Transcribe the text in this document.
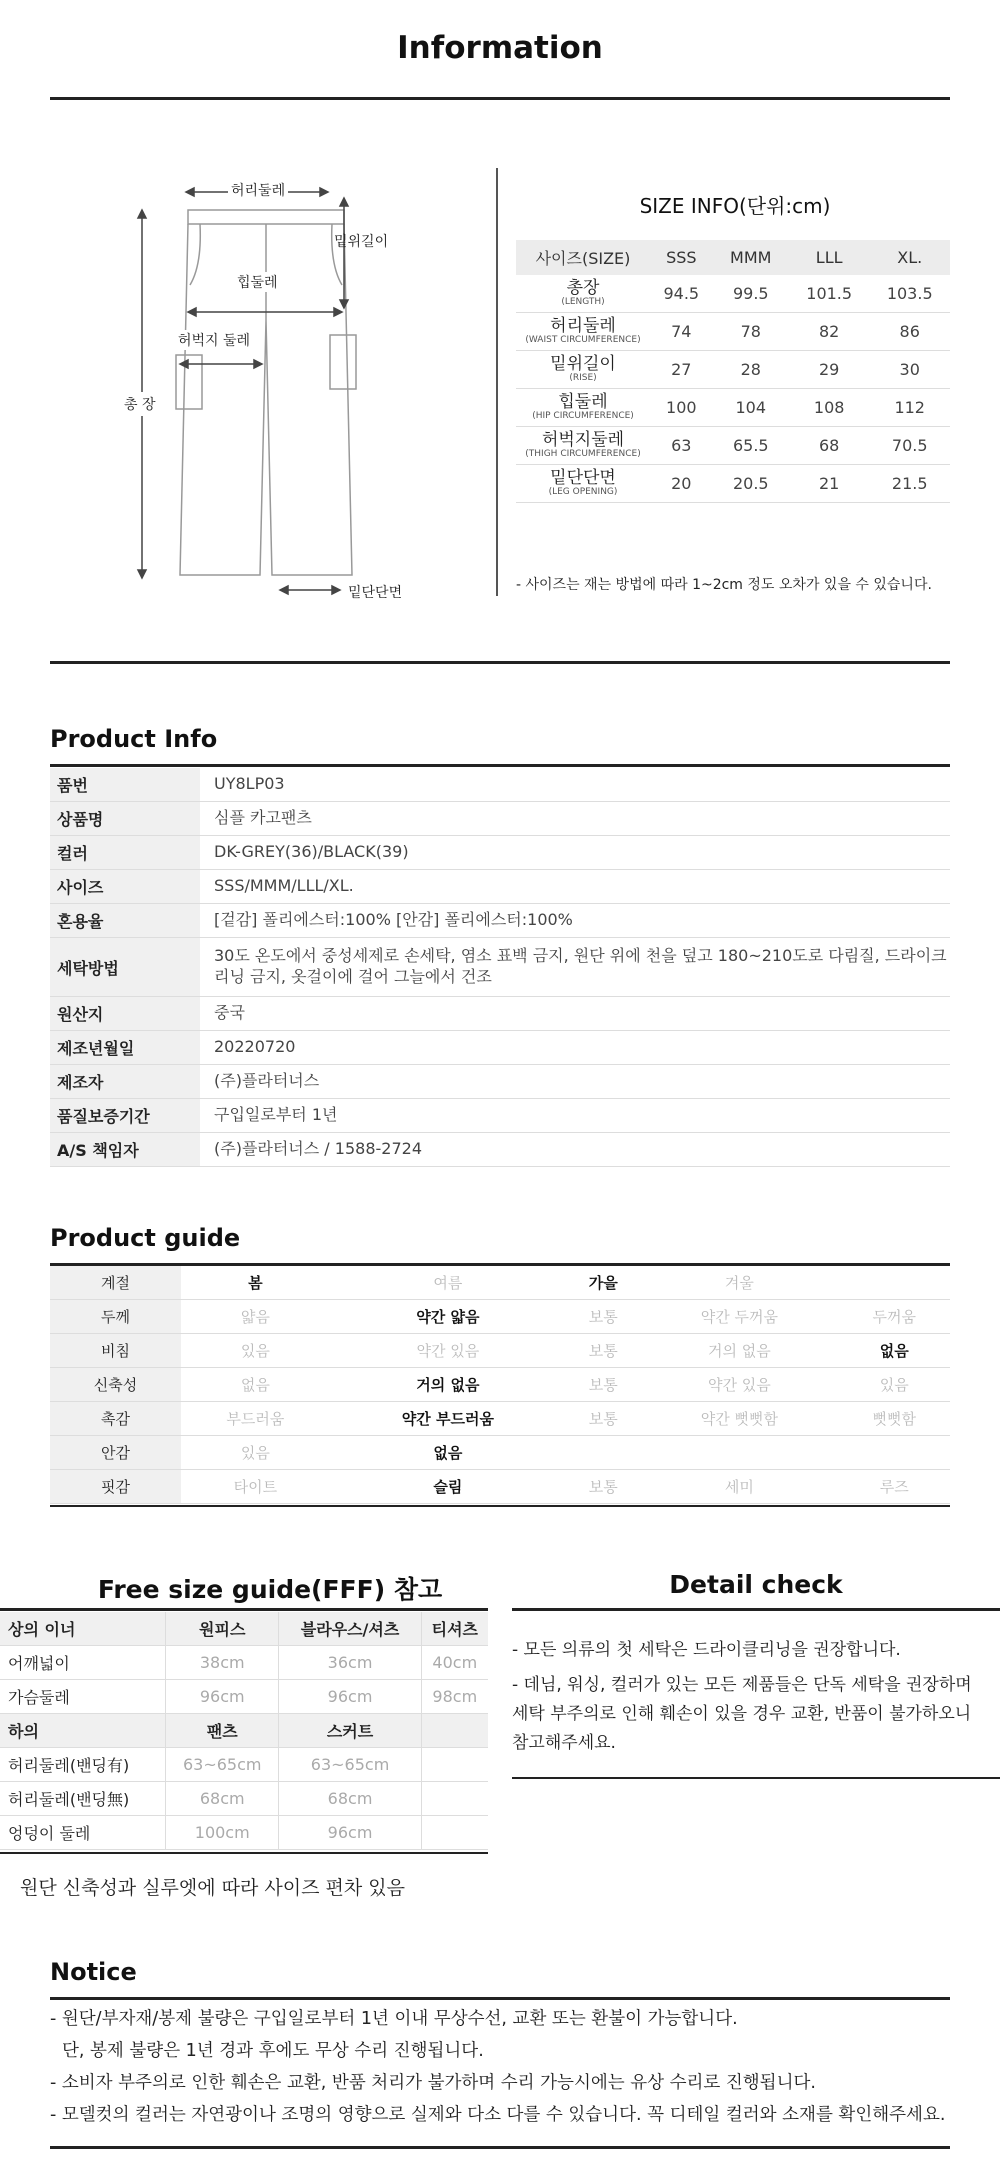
Information
허리둘레
밑위길이
힙둘레
허벅지 둘레
총 장
밑단단면
SIZE INFO(단위:cm)
사이즈(SIZE)	SSS	MMM	LLL	XL.

총장
(LENGTH)	94.5	99.5	101.5	103.5

허리둘레
(WAIST CIRCUMFERENCE)	74	78	82	86

밑위길이
(RISE)	27	28	29	30

힙둘레
(HIP CIRCUMFERENCE)	100	104	108	112

허벅지둘레
(THIGH CIRCUMFERENCE)	63	65.5	68	70.5

밑단단면
(LEG OPENING)	20	20.5	21	21.5
- 사이즈는 재는 방법에 따라 1~2cm 정도 오차가 있을 수 있습니다.
Product Info
품번	UY8LP03
상품명	심플 카고팬츠
컬러	DK-GREY(36)/BLACK(39)
사이즈	SSS/MMM/LLL/XL.
혼용율	[겉감] 폴리에스터:100% [안감] 폴리에스터:100%
세탁방법	30도 온도에서 중성세제로 손세탁, 염소 표백 금지, 원단 위에 천을 덮고 180~210도로 다림질, 드라이크리닝 금지, 옷걸이에 걸어 그늘에서 건조
원산지	중국
제조년월일	20220720
제조자	(주)플라터너스
품질보증기간	구입일로부터 1년
A/S 책임자	(주)플라터너스 / 1588-2724
Product guide
계절	봄	여름	가을	겨울	
두께	얇음	약간 얇음	보통	약간 두꺼움	두꺼움
비침	있음	약간 있음	보통	거의 없음	없음
신축성	없음	거의 없음	보통	약간 있음	있음
촉감	부드러움	약간 부드러움	보통	약간 뻣뻣함	뻣뻣함
안감	있음	없음			
핏감	타이트	슬림	보통	세미	루즈
Free size guide(FFF) 참고
상의 이너	원피스	블라우스/셔츠	티셔츠
어깨넓이	38cm	36cm	40cm
가슴둘레	96cm	96cm	98cm
하의	팬츠	스커트	
허리둘레(밴딩有)	63~65cm	63~65cm	
허리둘레(밴딩無)	68cm	68cm	
엉덩이 둘레	100cm	96cm	
원단 신축성과 실루엣에 따라 사이즈 편차 있음
Detail check

- 모든 의류의 첫 세탁은 드라이클리닝을 권장합니다.

- 데님, 워싱, 컬러가 있는 모든 제품들은 단독 세탁을 권장하며 세탁 부주의로 인해 훼손이 있을 경우 교환, 반품이 불가하오니 참고해주세요.

Notice

- 원단/부자재/봉제 불량은 구입일로부터 1년 이내 무상수선, 교환 또는 환불이 가능합니다.

단, 봉제 불량은 1년 경과 후에도 무상 수리 진행됩니다.

- 소비자 부주의로 인한 훼손은 교환, 반품 처리가 불가하며 수리 가능시에는 유상 수리로 진행됩니다.

- 모델컷의 컬러는 자연광이나 조명의 영향으로 실제와 다소 다를 수 있습니다. 꼭 디테일 컬러와 소재를 확인해주세요.
